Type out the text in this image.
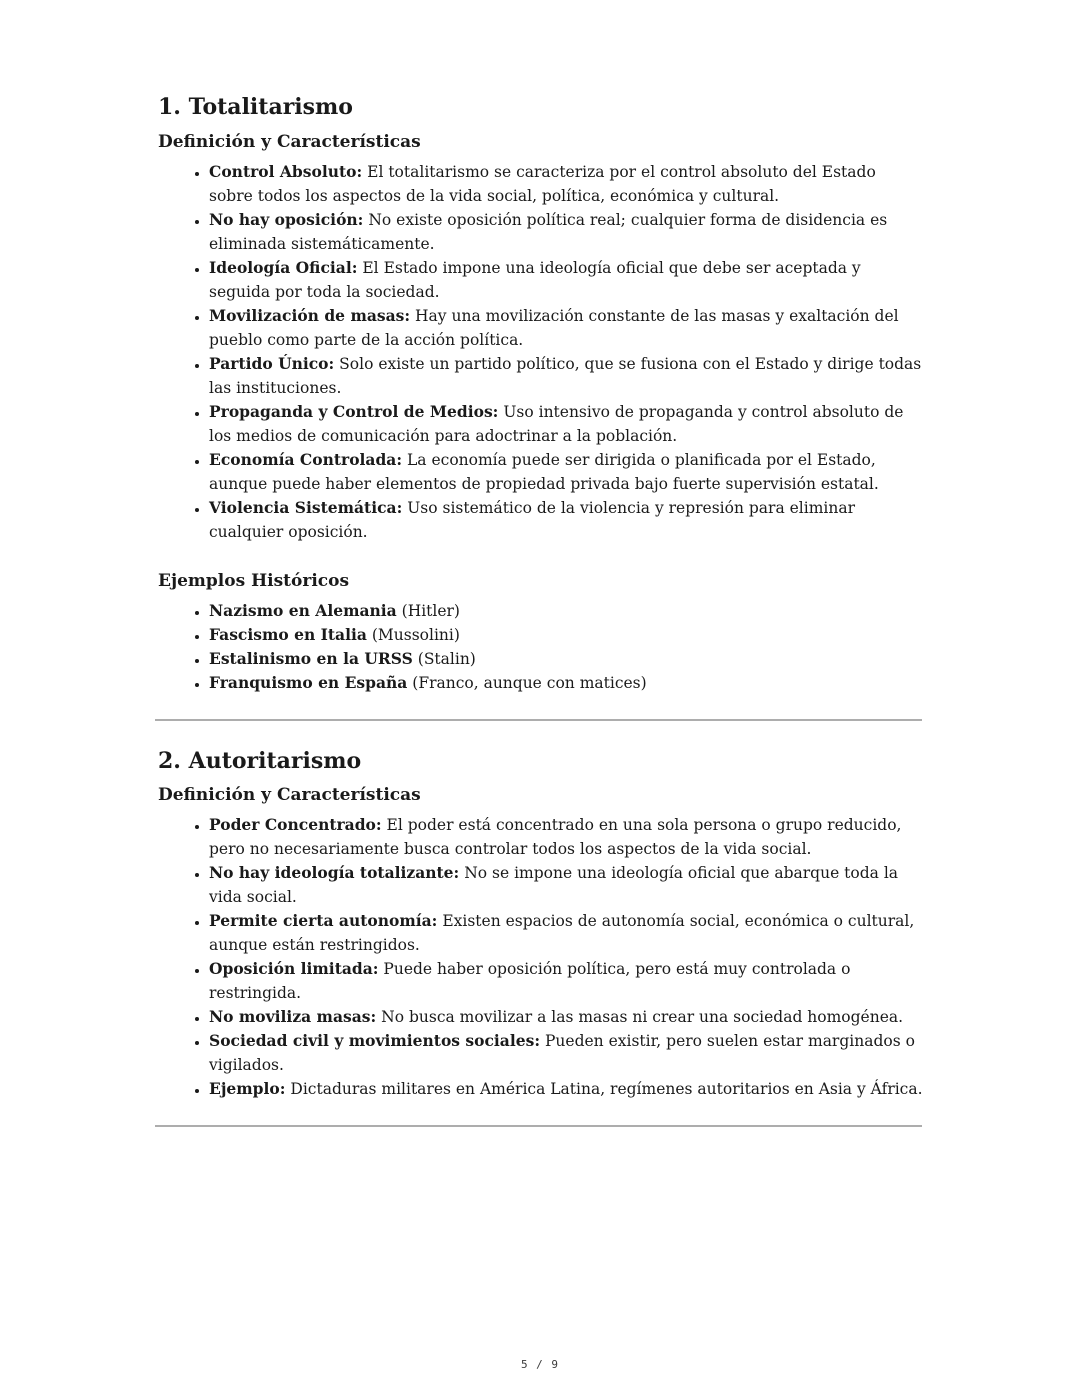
1. Totalitarismo
Definición y Características
• Control Absoluto: El totalitarismo se caracteriza por el control absoluto del Estado sobre todos los aspectos de la vida social, política, económica y cultural.
• No hay oposición: No existe oposición política real; cualquier forma de disidencia es eliminada sistemáticamente.
• Ideología Oficial: El Estado impone una ideología oficial que debe ser aceptada y seguida por toda la sociedad.
• Movilización de masas: Hay una movilización constante de las masas y exaltación del pueblo como parte de la acción política.
• Partido Único: Solo existe un partido político, que se fusiona con el Estado y dirige todas las instituciones.
• Propaganda y Control de Medios: Uso intensivo de propaganda y control absoluto de los medios de comunicación para adoctrinar a la población.
• Economía Controlada: La economía puede ser dirigida o planificada por el Estado, aunque puede haber elementos de propiedad privada bajo fuerte supervisión estatal.
• Violencia Sistemática: Uso sistemático de la violencia y represión para eliminar cualquier oposición.
Ejemplos Históricos
• Nazismo en Alemania (Hitler)
• Fascismo en Italia (Mussolini)
• Estalinismo en la URSS (Stalin)
• Franquismo en España (Franco, aunque con matices)
2. Autoritarismo
Definición y Características
• Poder Concentrado: El poder está concentrado en una sola persona o grupo reducido, pero no necesariamente busca controlar todos los aspectos de la vida social.
• No hay ideología totalizante: No se impone una ideología oficial que abarque toda la vida social.
• Permite cierta autonomía: Existen espacios de autonomía social, económica o cultural, aunque están restringidos.
• Oposición limitada: Puede haber oposición política, pero está muy controlada o restringida.
• No moviliza masas: No busca movilizar a las masas ni crear una sociedad homogénea.
• Sociedad civil y movimientos sociales: Pueden existir, pero suelen estar marginados o vigilados.
• Ejemplo: Dictaduras militares en América Latina, regímenes autoritarios en Asia y África.
5 / 9
